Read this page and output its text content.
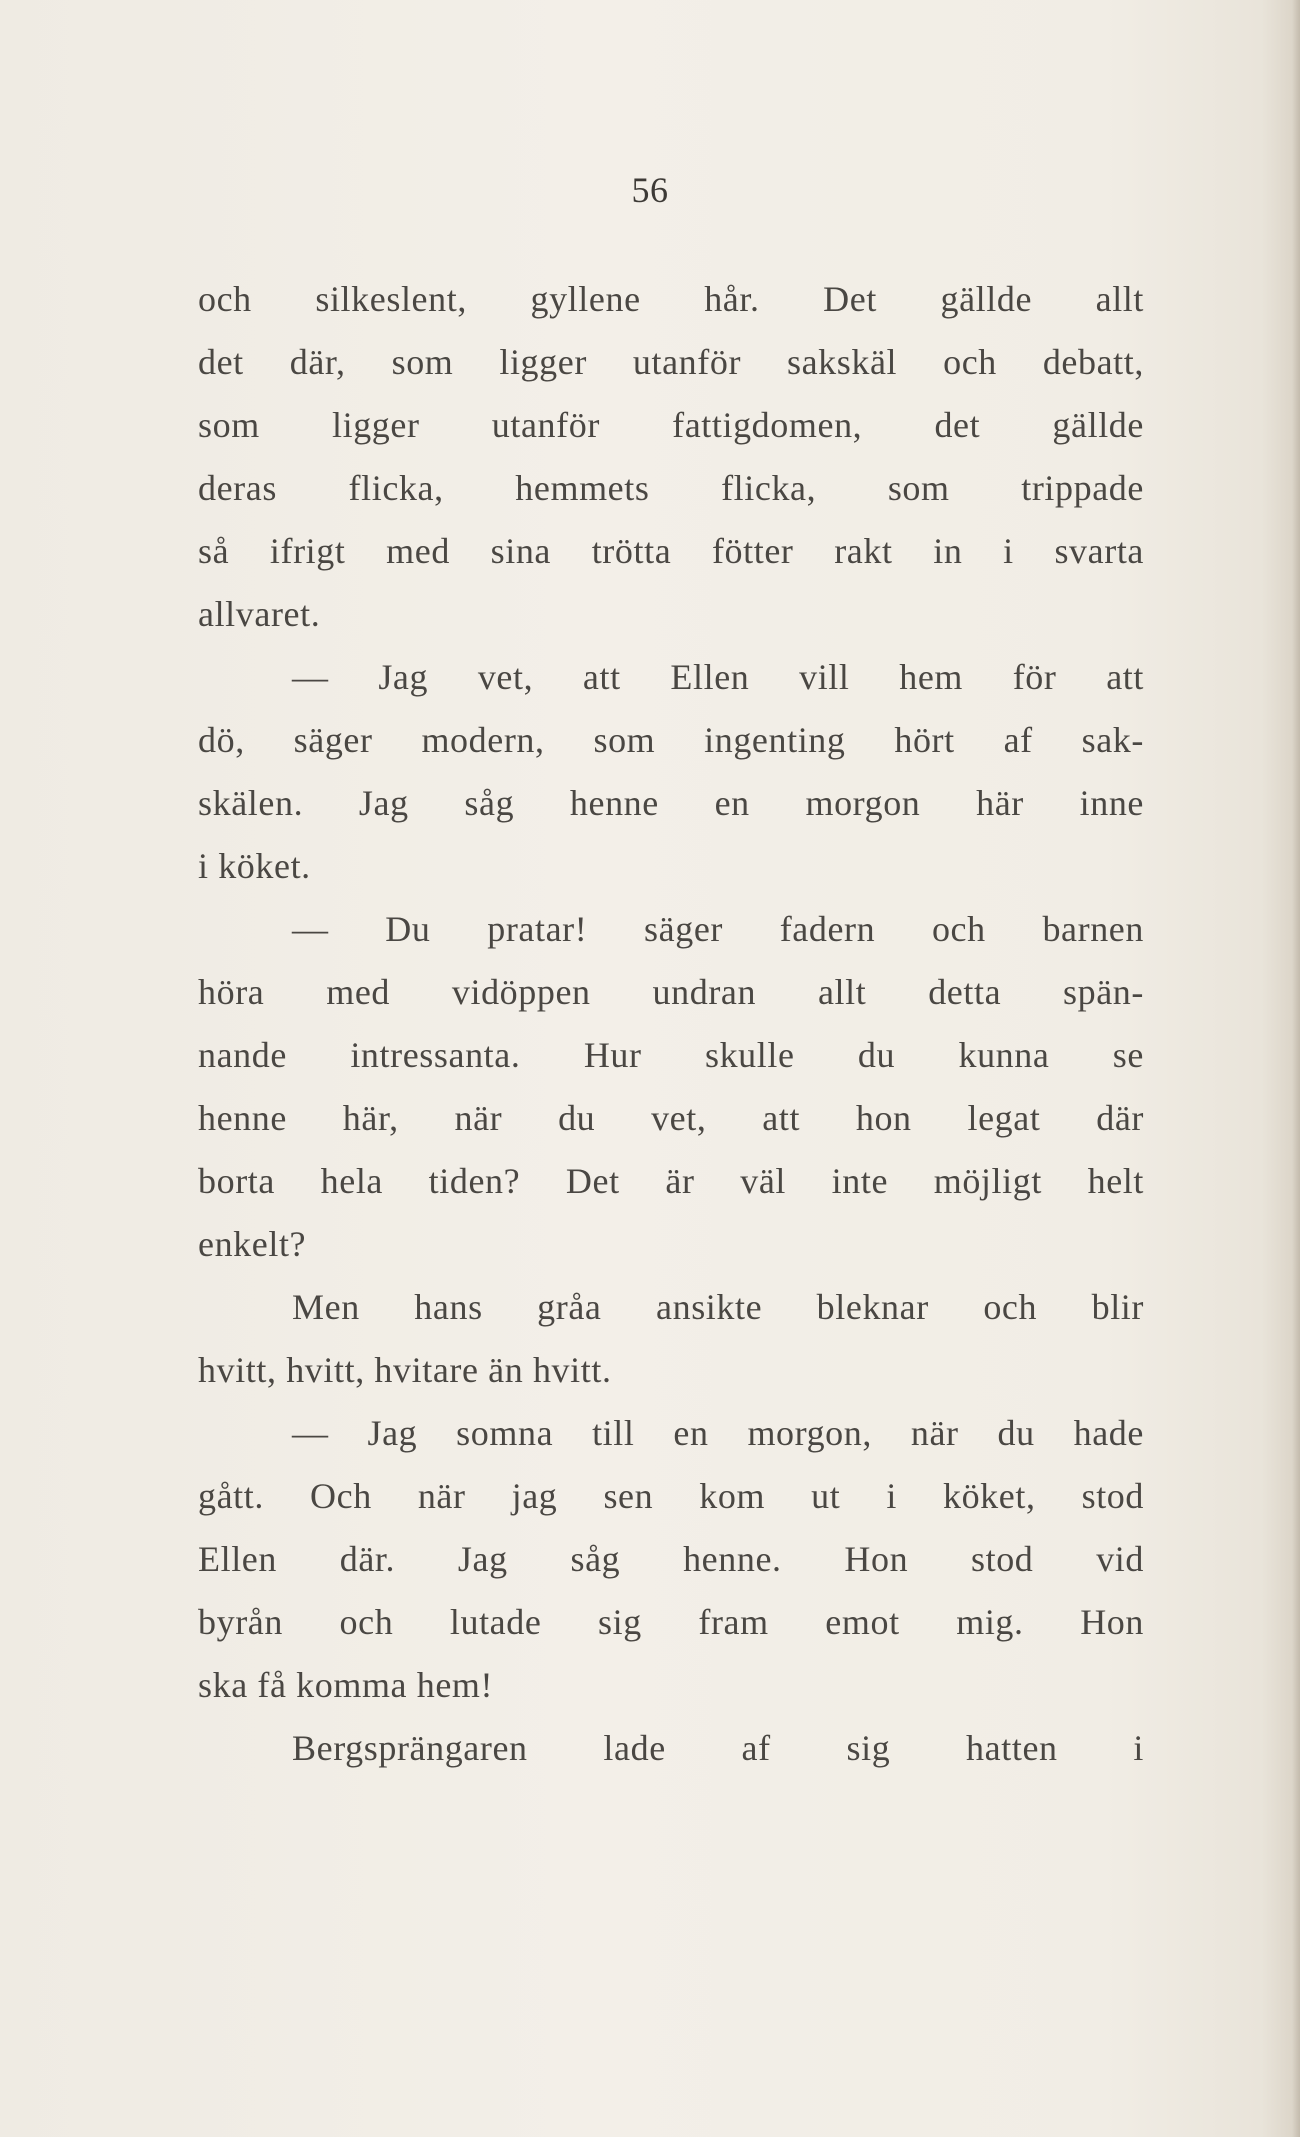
56
och silkeslent, gyllene hår. Det gällde allt
det där, som ligger utanför sakskäl och debatt,
som ligger utanför fattigdomen, det gällde
deras flicka, hemmets flicka, som trippade
så ifrigt med sina trötta fötter rakt in i svarta
allvaret.
— Jag vet, att Ellen vill hem för att
dö, säger modern, som ingenting hört af sak-
skälen. Jag såg henne en morgon här inne
i köket.
— Du pratar! säger fadern och barnen
höra med vidöppen undran allt detta spän-
nande intressanta. Hur skulle du kunna se
henne här, när du vet, att hon legat där
borta hela tiden? Det är väl inte möjligt helt
enkelt?
Men hans gråa ansikte bleknar och blir
hvitt, hvitt, hvitare än hvitt.
— Jag somna till en morgon, när du hade
gått. Och när jag sen kom ut i köket, stod
Ellen där. Jag såg henne. Hon stod vid
byrån och lutade sig fram emot mig. Hon
ska få komma hem!
Bergsprängaren lade af sig hatten i
